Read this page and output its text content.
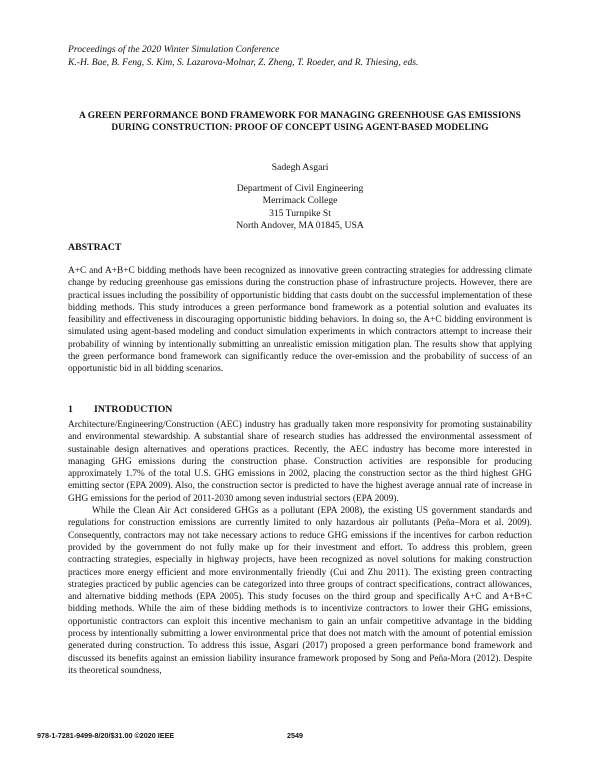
Proceedings of the 2020 Winter Simulation Conference
K.-H. Bae, B. Feng, S. Kim, S. Lazarova-Molnar, Z. Zheng, T. Roeder, and R. Thiesing, eds.
A GREEN PERFORMANCE BOND FRAMEWORK FOR MANAGING GREENHOUSE GAS EMISSIONS DURING CONSTRUCTION: PROOF OF CONCEPT USING AGENT-BASED MODELING
Sadegh Asgari
Department of Civil Engineering
Merrimack College
315 Turnpike St
North Andover, MA 01845, USA
ABSTRACT
A+C and A+B+C bidding methods have been recognized as innovative green contracting strategies for addressing climate change by reducing greenhouse gas emissions during the construction phase of infrastructure projects. However, there are practical issues including the possibility of opportunistic bidding that casts doubt on the successful implementation of these bidding methods. This study introduces a green performance bond framework as a potential solution and evaluates its feasibility and effectiveness in discouraging opportunistic bidding behaviors. In doing so, the A+C bidding environment is simulated using agent-based modeling and conduct simulation experiments in which contractors attempt to increase their probability of winning by intentionally submitting an unrealistic emission mitigation plan. The results show that applying the green performance bond framework can significantly reduce the over-emission and the probability of success of an opportunistic bid in all bidding scenarios.
1 INTRODUCTION

Architecture/Engineering/Construction (AEC) industry has gradually taken more responsivity for promoting sustainability and environmental stewardship. A substantial share of research studies has addressed the environmental assessment of sustainable design alternatives and operations practices. Recently, the AEC industry has become more interested in managing GHG emissions during the construction phase. Construction activities are responsible for producing approximately 1.7% of the total U.S. GHG emissions in 2002, placing the construction sector as the third highest GHG emitting sector (EPA 2009). Also, the construction sector is predicted to have the highest average annual rate of increase in GHG emissions for the period of 2011-2030 among seven industrial sectors (EPA 2009).

While the Clean Air Act considered GHGs as a pollutant (EPA 2008), the existing US government standards and regulations for construction emissions are currently limited to only hazardous air pollutants (Peña–Mora et al. 2009). Consequently, contractors may not take necessary actions to reduce GHG emissions if the incentives for carbon reduction provided by the government do not fully make up for their investment and effort. To address this problem, green contracting strategies, especially in highway projects, have been recognized as novel solutions for making construction practices more energy efficient and more environmentally friendly (Cui and Zhu 2011). The existing green contracting strategies practiced by public agencies can be categorized into three groups of contract specifications, contract allowances, and alternative bidding methods (EPA 2005). This study focuses on the third group and specifically A+C and A+B+C bidding methods. While the aim of these bidding methods is to incentivize contractors to lower their GHG emissions, opportunistic contractors can exploit this incentive mechanism to gain an unfair competitive advantage in the bidding process by intentionally submitting a lower environmental price that does not match with the amount of potential emission generated during construction. To address this issue, Asgari (2017) proposed a green performance bond framework and discussed its benefits against an emission liability insurance framework proposed by Song and Peña-Mora (2012). Despite its theoretical soundness,

978-1-7281-9499-8/20/$31.00 ©2020 IEEE	2549
